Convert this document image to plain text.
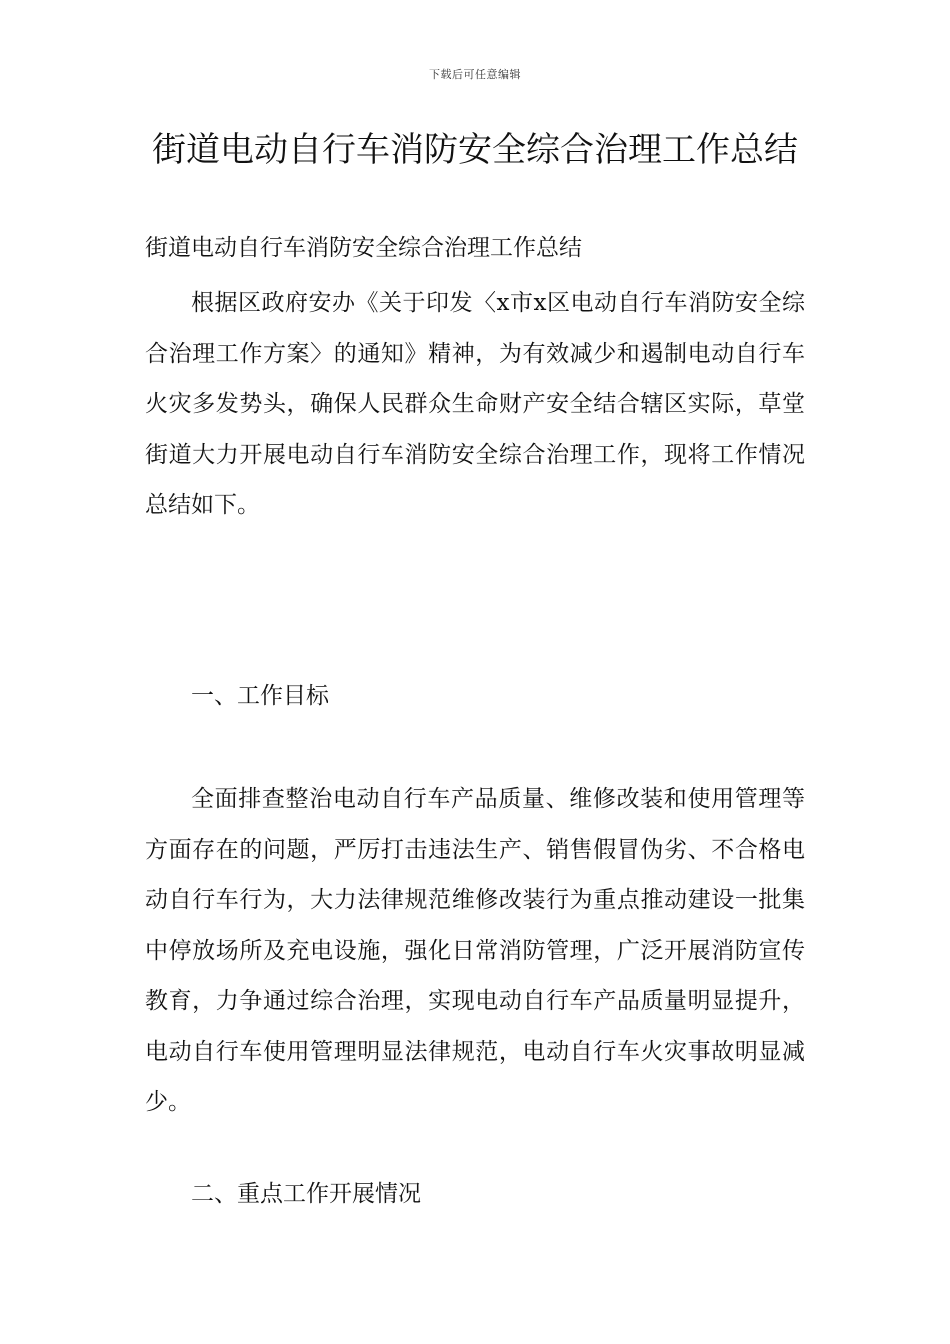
下载后可任意编辑
街道电动自行车消防安全综合治理工作总结

街道电动自行车消防安全综合治理工作总结

根据区政府安办《关于印发〈x市x区电动自行车消防安全综合治理工作方案〉的通知》精神，为有效减少和遏制电动自行车火灾多发势头，确保人民群众生命财产安全结合辖区实际，草堂街道大力开展电动自行车消防安全综合治理工作，现将工作情况总结如下。

一、工作目标

全面排查整治电动自行车产品质量、维修改装和使用管理等方面存在的问题，严厉打击违法生产、销售假冒伪劣、不合格电动自行车行为，大力法律规范维修改装行为重点推动建设一批集中停放场所及充电设施，强化日常消防管理，广泛开展消防宣传教育，力争通过综合治理，实现电动自行车产品质量明显提升，电动自行车使用管理明显法律规范，电动自行车火灾事故明显减少。

二、重点工作开展情况
